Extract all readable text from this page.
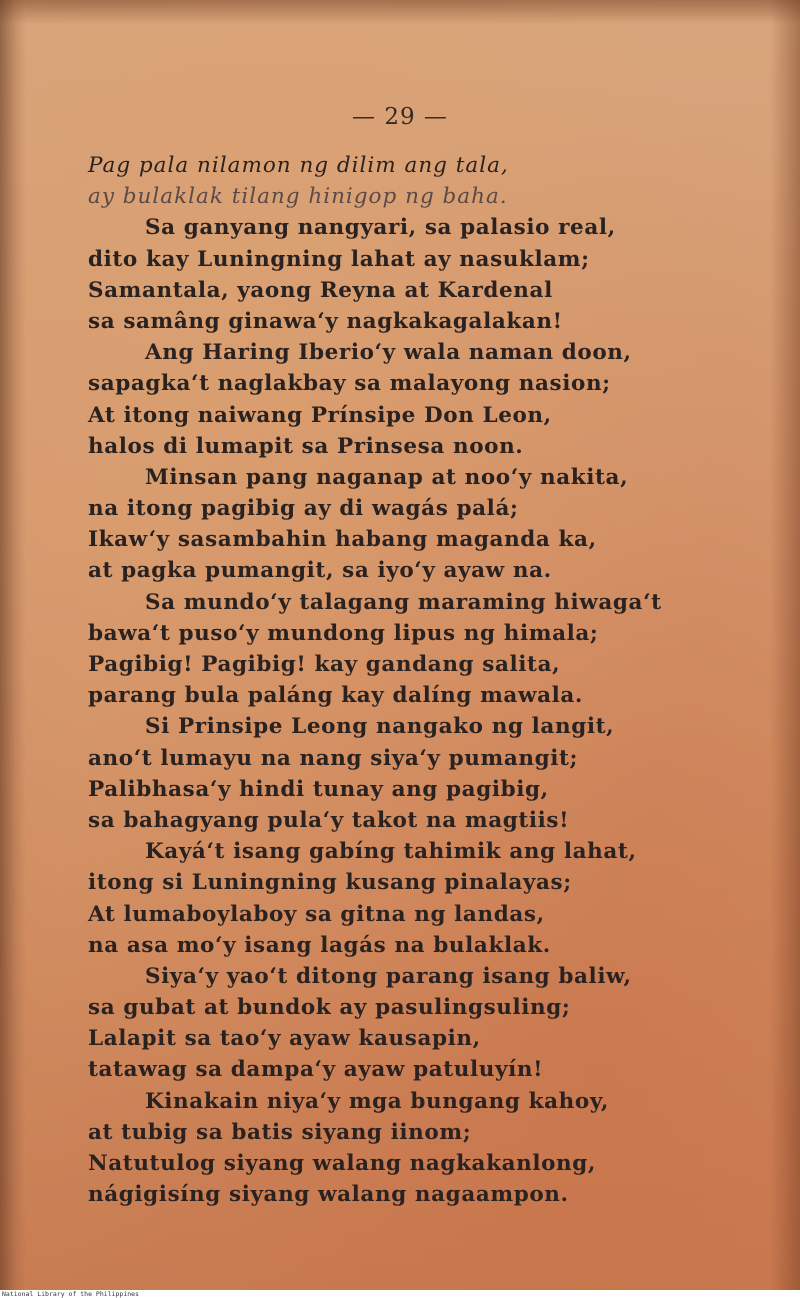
— 29 —
Pag pala nilamon ng dilim ang tala,
ay bulaklak tilang hinigop ng baha.
Sa ganyang nangyari, sa palasio real,
dito kay Luningning lahat ay nasuklam;
Samantala, yaong Reyna at Kardenal
sa samâng ginawa‘y nagkakagalakan!
Ang Haring Iberio‘y wala naman doon,
sapagka‘t naglakbay sa malayong nasion;
At itong naiwang Prínsipe Don Leon,
halos di lumapit sa Prinsesa noon.
Minsan pang naganap at noo‘y nakita,
na itong pagibig ay di wagás palá;
Ikaw‘y sasambahin habang maganda ka,
at pagka pumangit, sa iyo‘y ayaw na.
Sa mundo‘y talagang maraming hiwaga‘t
bawa‘t puso‘y mundong lipus ng himala;
Pagibig! Pagibig! kay gandang salita,
parang bula paláng kay dalíng mawala.
Si Prinsipe Leong nangako ng langit,
ano‘t lumayu na nang siya‘y pumangit;
Palibhasa‘y hindi tunay ang pagibig,
sa bahagyang pula‘y takot na magtiis!
Kayá‘t isang gabíng tahimik ang lahat,
itong si Luningning kusang pinalayas;
At lumaboylaboy sa gitna ng landas,
na asa mo‘y isang lagás na bulaklak.
Siya‘y yao‘t ditong parang isang baliw,
sa gubat at bundok ay pasulingsuling;
Lalapit sa tao‘y ayaw kausapin,
tatawag sa dampa‘y ayaw patuluyín!
Kinakain niya‘y mga bungang kahoy,
at tubig sa batis siyang iinom;
Natutulog siyang walang nagkakanlong,
nágigisíng siyang walang nagaampon.
National Library of the Philippines
